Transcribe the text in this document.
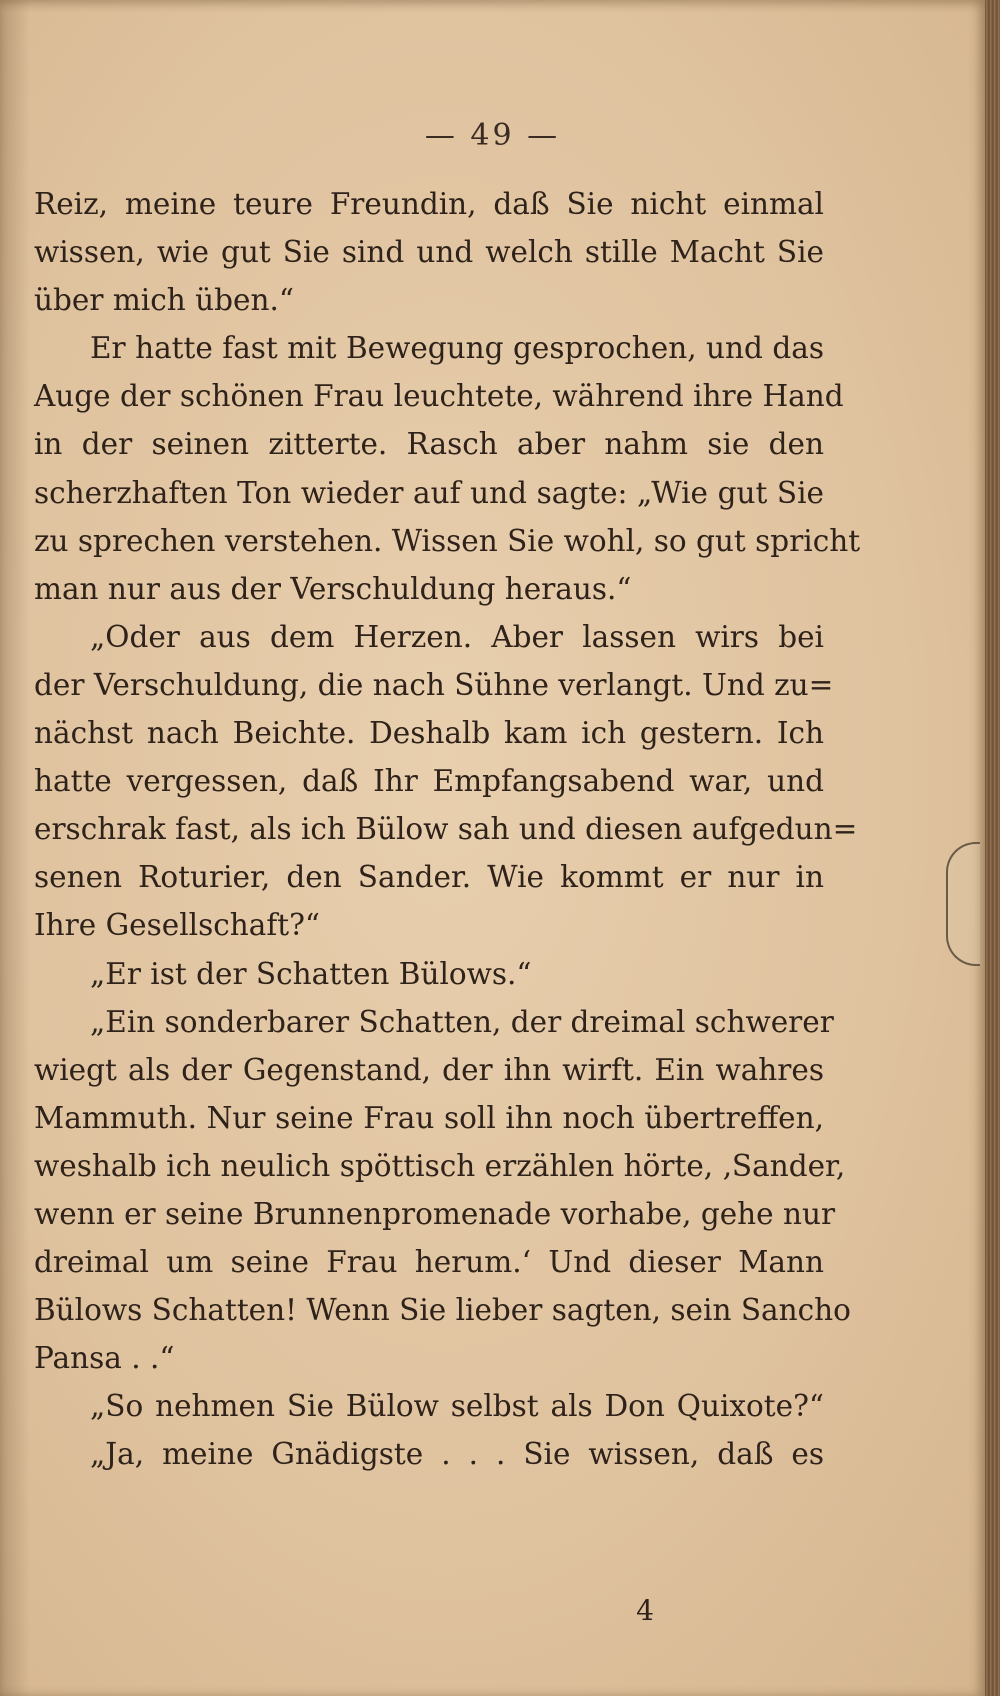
— 49 —
Reiz, meine teure Freundin, daß Sie nicht einmal
wissen, wie gut Sie sind und welch stille Macht Sie
über mich üben.“
Er hatte fast mit Bewegung gesprochen, und das
Auge der schönen Frau leuchtete, während ihre Hand
in der seinen zitterte. Rasch aber nahm sie den
scherzhaften Ton wieder auf und sagte: „Wie gut Sie
zu sprechen verstehen. Wissen Sie wohl, so gut spricht
man nur aus der Verschuldung heraus.“
„Oder aus dem Herzen. Aber lassen wirs bei
der Verschuldung, die nach Sühne verlangt. Und zu=
nächst nach Beichte. Deshalb kam ich gestern. Ich
hatte vergessen, daß Ihr Empfangsabend war, und
erschrak fast, als ich Bülow sah und diesen aufgedun=
senen Roturier, den Sander. Wie kommt er nur in
Ihre Gesellschaft?“
„Er ist der Schatten Bülows.“
„Ein sonderbarer Schatten, der dreimal schwerer
wiegt als der Gegenstand, der ihn wirft. Ein wahres
Mammuth. Nur seine Frau soll ihn noch übertreffen,
weshalb ich neulich spöttisch erzählen hörte, ‚Sander,
wenn er seine Brunnenpromenade vorhabe, gehe nur
dreimal um seine Frau herum.‘ Und dieser Mann
Bülows Schatten! Wenn Sie lieber sagten, sein Sancho
Pansa . .“
„So nehmen Sie Bülow selbst als Don Quixote?“
„Ja, meine Gnädigste . . . Sie wissen, daß es
4
